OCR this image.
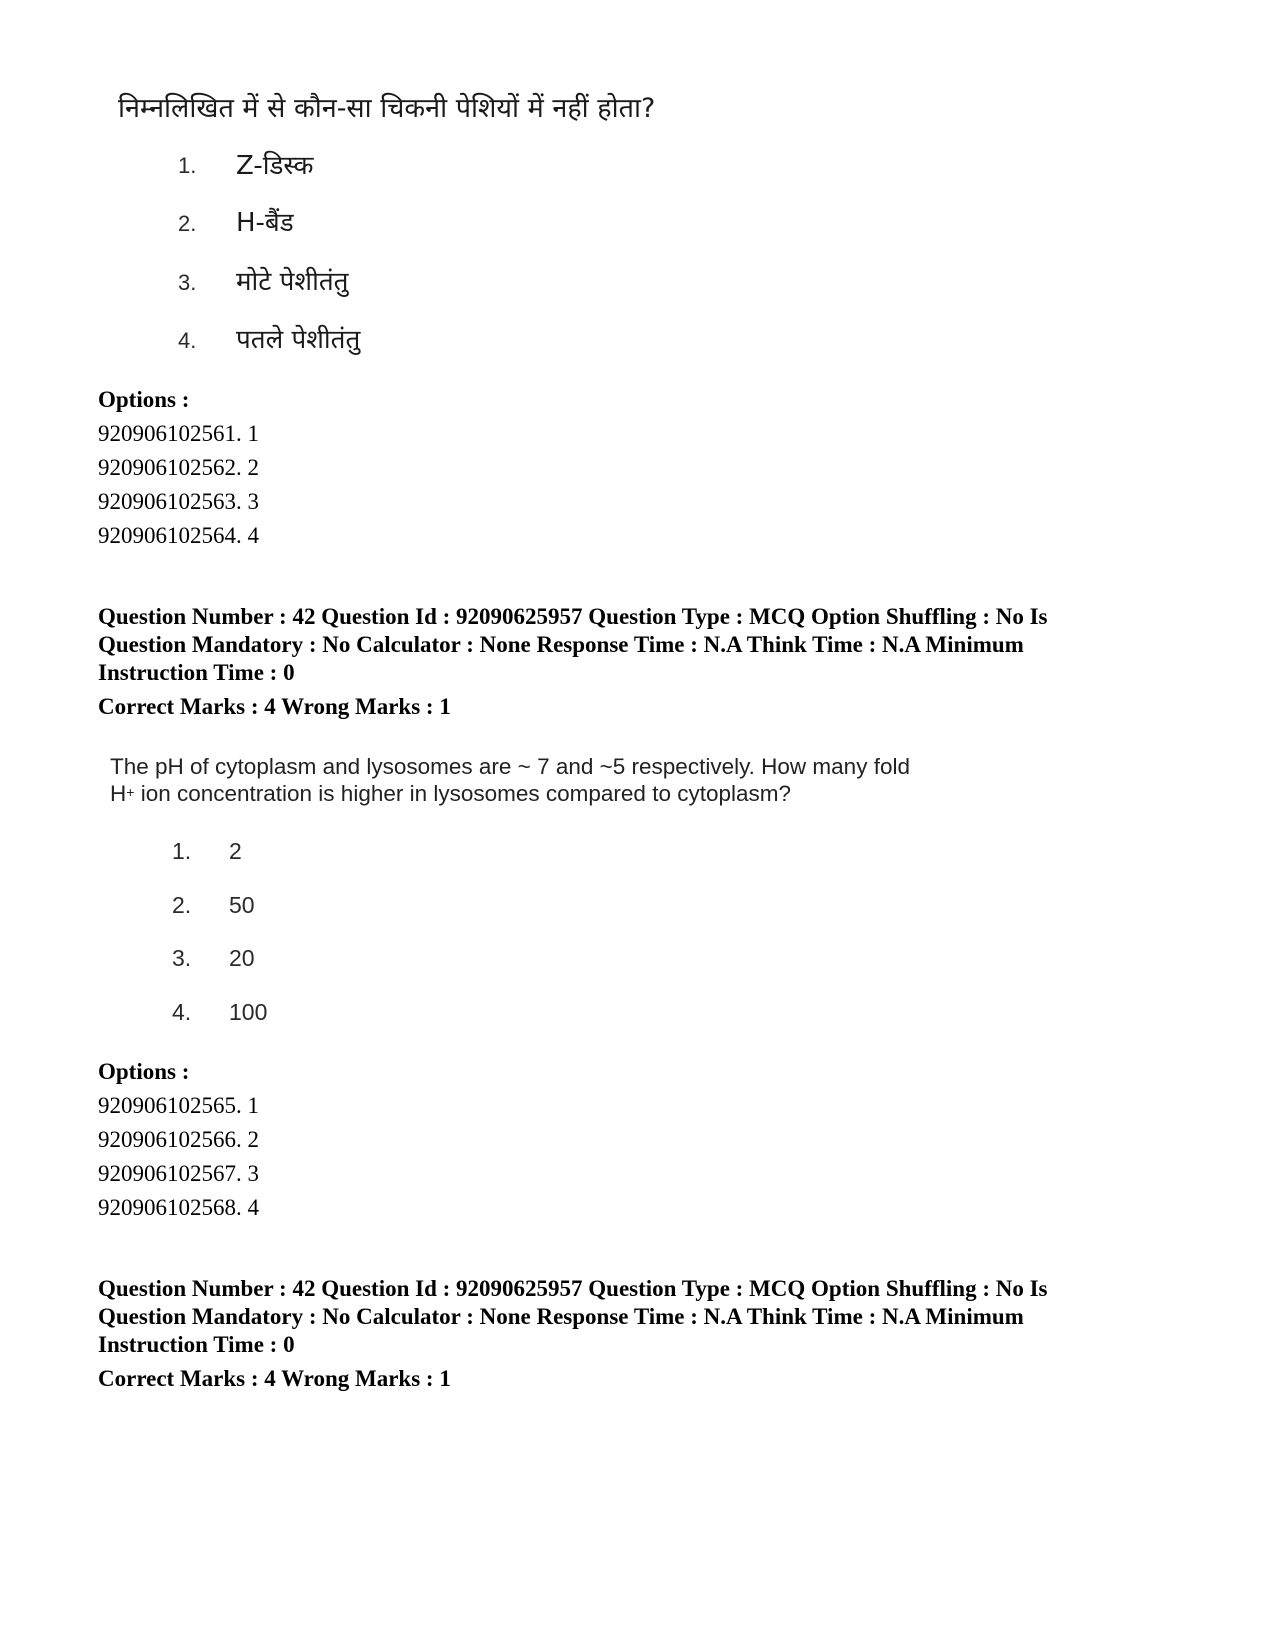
निम्नलिखित में से कौन-सा चिकनी पेशियों में नहीं होता?
1. Z-डिस्क
2. H-बैंड
3. मोटे पेशीतंतु
4. पतले पेशीतंतु
Options :
920906102561. 1
920906102562. 2
920906102563. 3
920906102564. 4
Question Number : 42 Question Id : 92090625957 Question Type : MCQ Option Shuffling : No Is
Question Mandatory : No Calculator : None Response Time : N.A Think Time : N.A Minimum
Instruction Time : 0
Correct Marks : 4 Wrong Marks : 1
The pH of cytoplasm and lysosomes are ~ 7 and ~5 respectively. How many fold
H+ ion concentration is higher in lysosomes compared to cytoplasm?
1. 2
2. 50
3. 20
4. 100
Options :
920906102565. 1
920906102566. 2
920906102567. 3
920906102568. 4
Question Number : 42 Question Id : 92090625957 Question Type : MCQ Option Shuffling : No Is
Question Mandatory : No Calculator : None Response Time : N.A Think Time : N.A Minimum
Instruction Time : 0
Correct Marks : 4 Wrong Marks : 1
